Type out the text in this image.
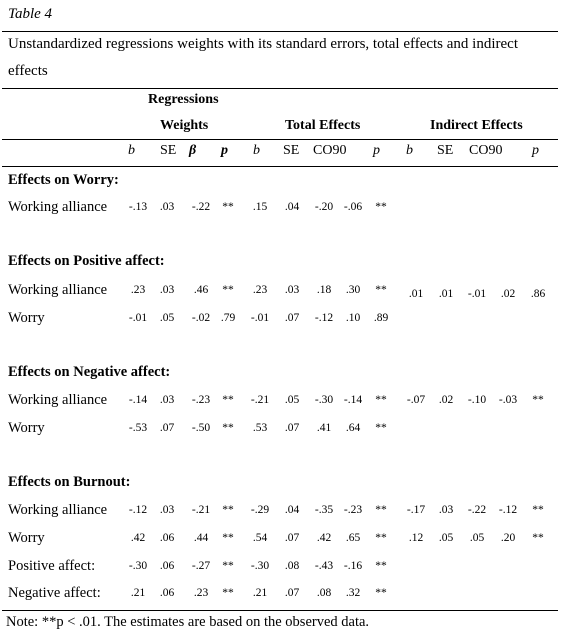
Table 4
Unstandardized regressions weights with its standard errors, total effects and indirect
effects
Regressions
Weights	Total Effects	Indirect Effects
b SE β p b SE CO90 p b SE CO90 p
Effects on Worry:
Working alliance -.13 .03 -.22 ** .15 .04 -.20 -.06 **
Effects on Positive affect:
Working alliance .23 .03 .46 ** .23 .03 .18 .30 ** .01 .01 -.01 .02 .86
Worry	-.01 .05 -.02 .79 -.01 .07 -.12 .10 .89
Effects on Negative affect:
Working alliance -.14 .03 -.23 ** -.21 .05 -.30 -.14 ** -.07 .02 -.10 -.03 **
Worry	-.53 .07 -.50 ** .53 .07 .41 .64 **
Effects on Burnout:
Working alliance -.12 .03 -.21 ** -.29 .04 -.35 -.23 ** -.17 .03 -.22 -.12 **
Worry	.42 .06 .44 ** .54 .07 .42 .65 ** .12 .05 .05 .20 **
Positive affect:	-.30 .06 -.27 ** -.30 .08 -.43 -.16 **
Negative affect:	.21 .06 .23 ** .21 .07 .08 .32 **
Note: **p < .01. The estimates are based on the observed data.
